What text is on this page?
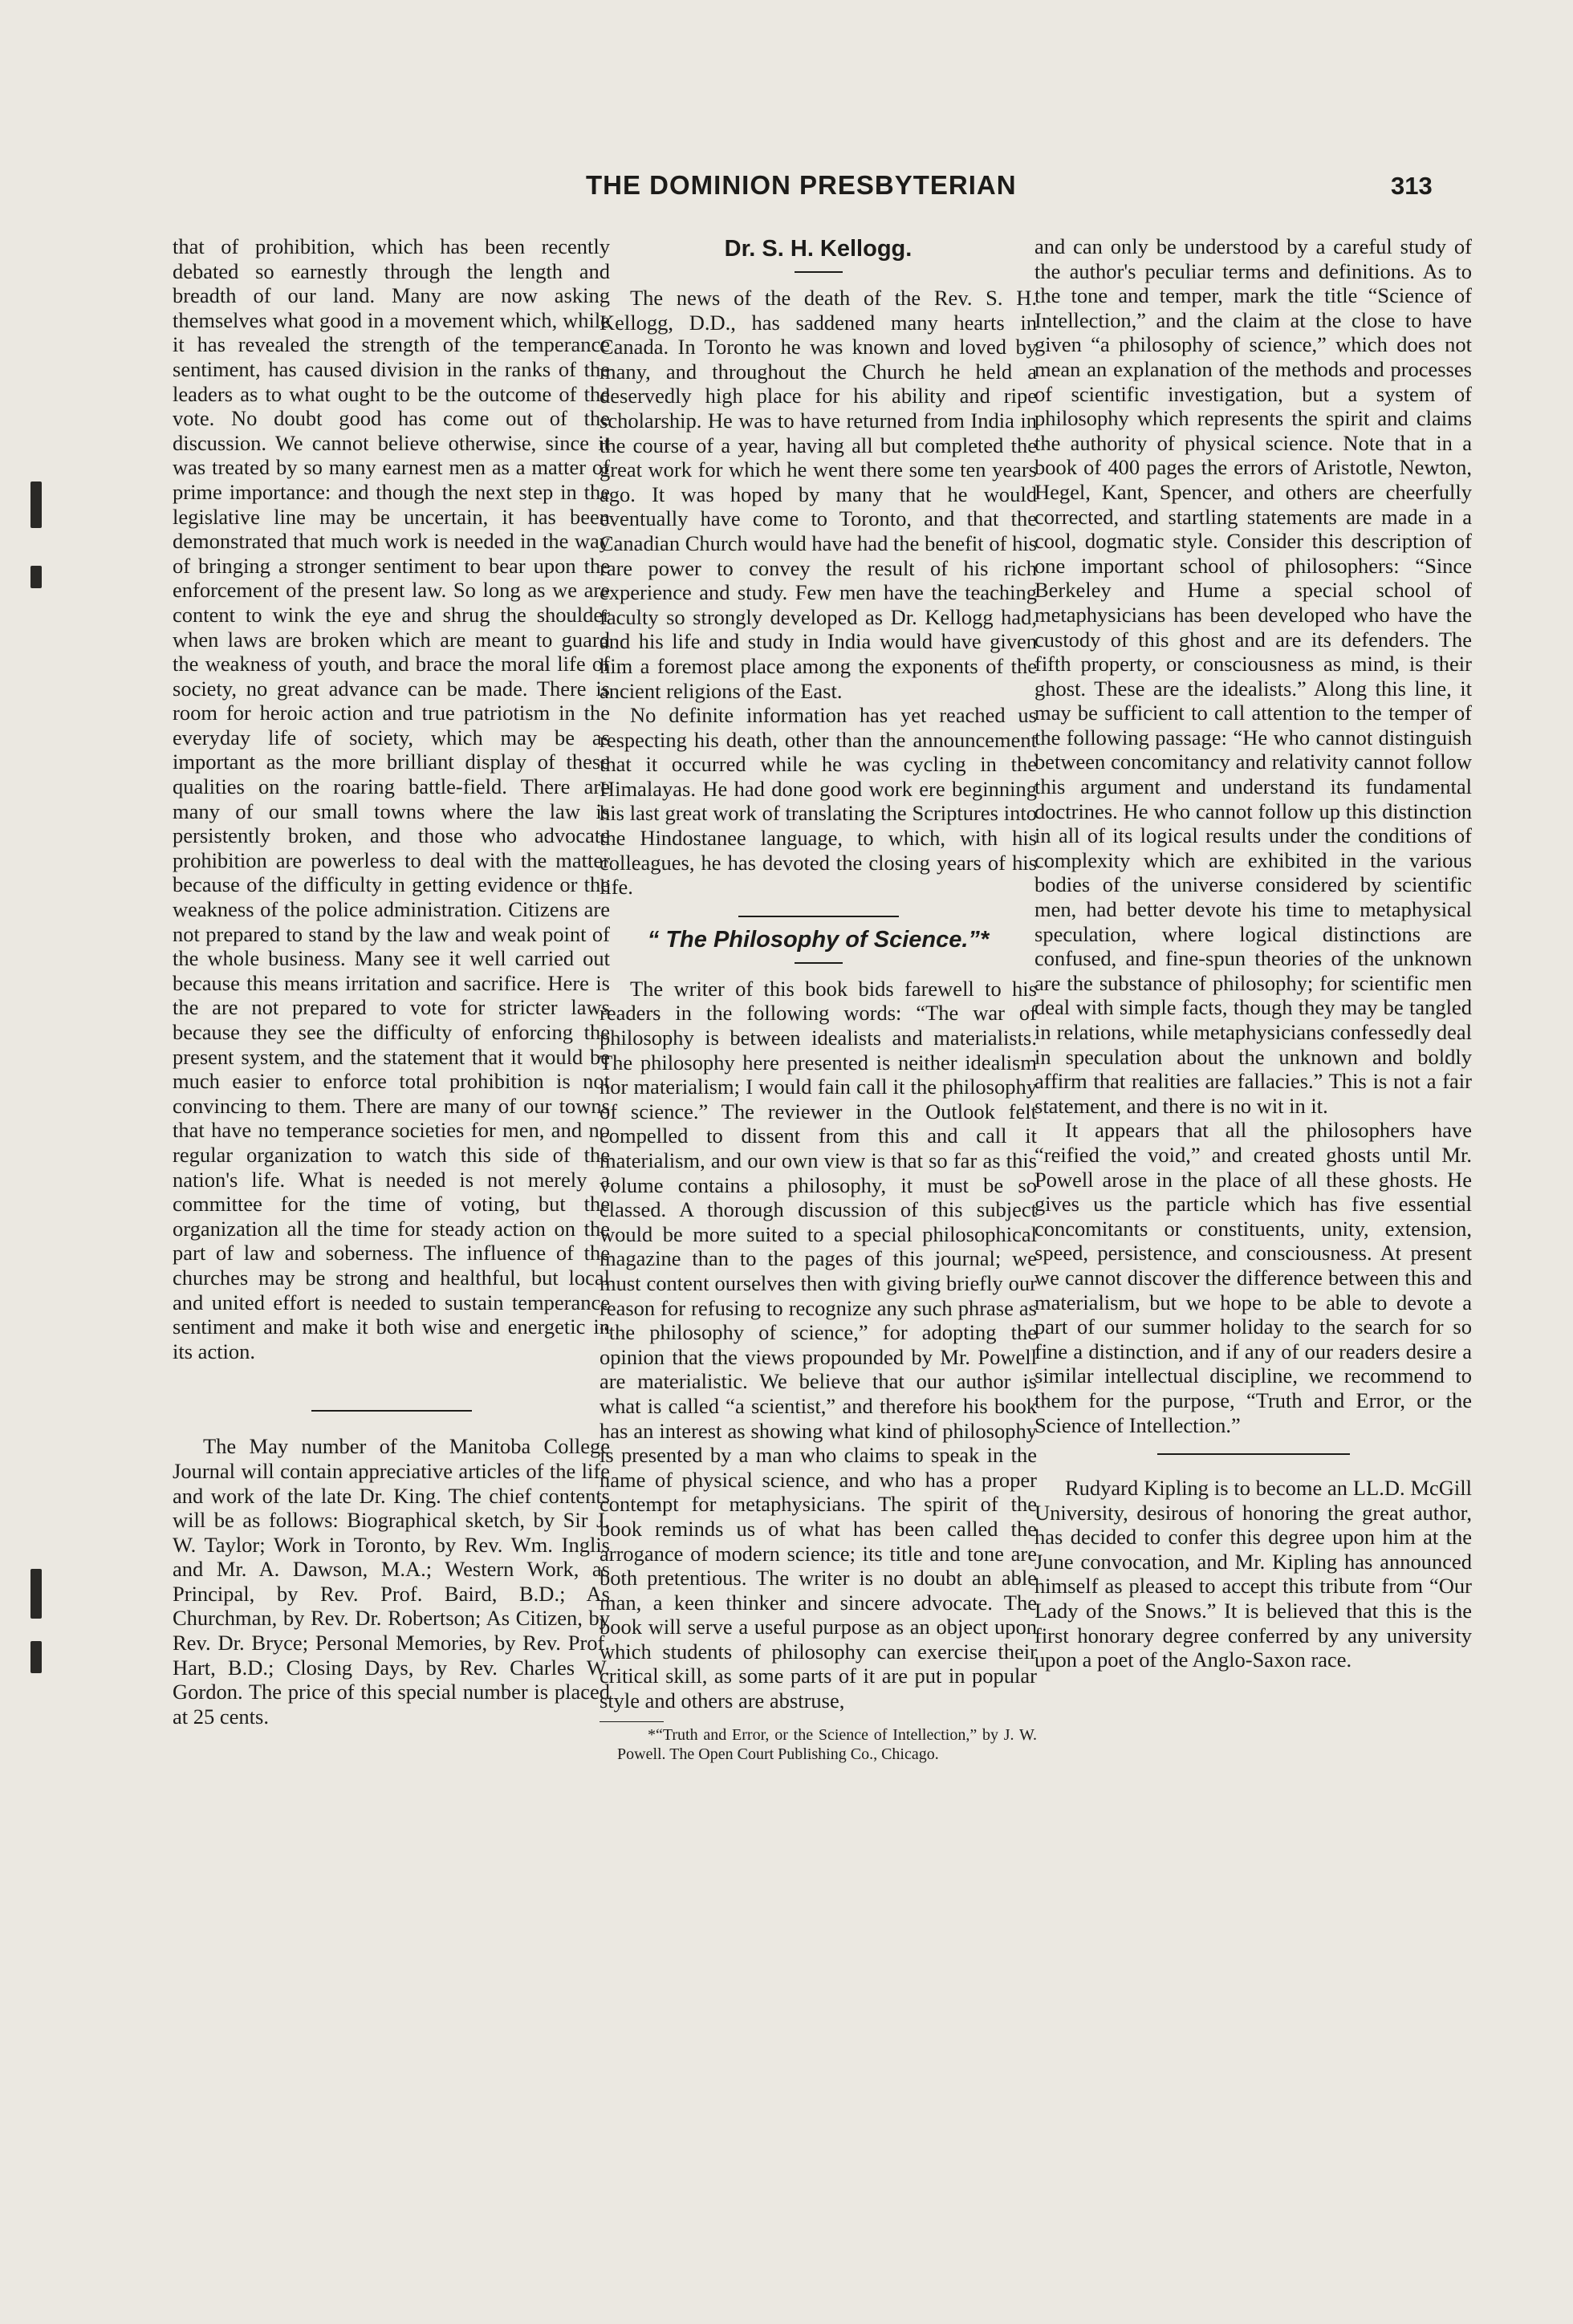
THE DOMINION PRESBYTERIAN	313

that of prohibition, which has been recently debated so earnestly through the length and breadth of our land. Many are now asking themselves what good in a movement which, while it has revealed the strength of the temperance sentiment, has caused division in the ranks of the leaders as to what ought to be the outcome of the vote. No doubt good has come out of the discussion. We cannot believe otherwise, since it was treated by so many earnest men as a matter of prime importance: and though the next step in the legislative line may be uncertain, it has been demonstrated that much work is needed in the way of bringing a stronger sentiment to bear upon the enforcement of the present law. So long as we are content to wink the eye and shrug the shoulder when laws are broken which are meant to guard the weakness of youth, and brace the moral life of society, no great advance can be made. There is room for heroic action and true patriotism in the everyday life of society, which may be as important as the more brilliant display of these qualities on the roaring battle-field. There are many of our small towns where the law is persistently broken, and those who advocate prohibition are powerless to deal with the matter because of the difficulty in getting evidence or the weakness of the police administration. Citizens are not prepared to stand by the law and weak point of the whole business. Many see it well carried out because this means irritation and sacrifice. Here is the are not prepared to vote for stricter laws because they see the difficulty of enforcing the present system, and the statement that it would be much easier to enforce total prohibition is not convincing to them. There are many of our towns that have no temperance societies for men, and no regular organization to watch this side of the nation's life. What is needed is not merely a committee for the time of voting, but the organization all the time for steady action on the part of law and soberness. The influence of the churches may be strong and healthful, but local and united effort is needed to sustain temperance sentiment and make it both wise and energetic in its action.

The May number of the Manitoba College Journal will contain appreciative articles of the life and work of the late Dr. King. The chief contents will be as follows: Biographical sketch, by Sir J. W. Taylor; Work in Toronto, by Rev. Wm. Inglis and Mr. A. Dawson, M.A.; Western Work, as Principal, by Rev. Prof. Baird, B.D.; As Churchman, by Rev. Dr. Robertson; As Citizen, by Rev. Dr. Bryce; Personal Memories, by Rev. Prof. Hart, B.D.; Closing Days, by Rev. Charles W. Gordon. The price of this special number is placed at 25 cents.

Dr. S. H. Kellogg.

The news of the death of the Rev. S. H. Kellogg, D.D., has saddened many hearts in Canada. In Toronto he was known and loved by many, and throughout the Church he held a deservedly high place for his ability and ripe scholarship. He was to have returned from India in the course of a year, having all but completed the great work for which he went there some ten years ago. It was hoped by many that he would eventually have come to Toronto, and that the Canadian Church would have had the benefit of his rare power to convey the result of his rich experience and study. Few men have the teaching faculty so strongly developed as Dr. Kellogg had, and his life and study in India would have given him a foremost place among the exponents of the ancient religions of the East.

No definite information has yet reached us respecting his death, other than the announcement that it occurred while he was cycling in the Himalayas. He had done good work ere beginning his last great work of translating the Scriptures into the Hindostanee language, to which, with his colleagues, he has devoted the closing years of his life.

“ The Philosophy of Science.”*

The writer of this book bids farewell to his readers in the following words: “The war of philosophy is between idealists and materialists. The philosophy here presented is neither idealism nor materialism; I would fain call it the philosophy of science.” The reviewer in the Outlook felt compelled to dissent from this and call it materialism, and our own view is that so far as this volume contains a philosophy, it must be so classed. A thorough discussion of this subject would be more suited to a special philosophical magazine than to the pages of this journal; we must content ourselves then with giving briefly our reason for refusing to recognize any such phrase as “the philosophy of science,” for adopting the opinion that the views propounded by Mr. Powell are materialistic. We believe that our author is what is called “a scientist,” and therefore his book has an interest as showing what kind of philosophy is presented by a man who claims to speak in the name of physical science, and who has a proper contempt for metaphysicians. The spirit of the book reminds us of what has been called the arrogance of modern science; its title and tone are both pretentious. The writer is no doubt an able man, a keen thinker and sincere advocate. The book will serve a useful purpose as an object upon which students of philosophy can exercise their critical skill, as some parts of it are put in popular style and others are abstruse,

*“Truth and Error, or the Science of Intellection,” by J. W. Powell. The Open Court Publishing Co., Chicago.

and can only be understood by a careful study of the author's peculiar terms and definitions. As to the tone and temper, mark the title “Science of Intellection,” and the claim at the close to have given “a philosophy of science,” which does not mean an explanation of the methods and processes of scientific investigation, but a system of philosophy which represents the spirit and claims the authority of physical science. Note that in a book of 400 pages the errors of Aristotle, Newton, Hegel, Kant, Spencer, and others are cheerfully corrected, and startling statements are made in a cool, dogmatic style. Consider this description of one important school of philosophers: “Since Berkeley and Hume a special school of metaphysicians has been developed who have the custody of this ghost and are its defenders. The fifth property, or consciousness as mind, is their ghost. These are the idealists.” Along this line, it may be sufficient to call attention to the temper of the following passage: “He who cannot distinguish between concomitancy and relativity cannot follow this argument and understand its fundamental doctrines. He who cannot follow up this distinction in all of its logical results under the conditions of complexity which are exhibited in the various bodies of the universe considered by scientific men, had better devote his time to metaphysical speculation, where logical distinctions are confused, and fine-spun theories of the unknown are the substance of philosophy; for scientific men deal with simple facts, though they may be tangled in relations, while metaphysicians confessedly deal in speculation about the unknown and boldly affirm that realities are fallacies.” This is not a fair statement, and there is no wit in it.

It appears that all the philosophers have “reified the void,” and created ghosts until Mr. Powell arose in the place of all these ghosts. He gives us the particle which has five essential concomitants or constituents, unity, extension, speed, persistence, and consciousness. At present we cannot discover the difference between this and materialism, but we hope to be able to devote a part of our summer holiday to the search for so fine a distinction, and if any of our readers desire a similar intellectual discipline, we recommend to them for the purpose, “Truth and Error, or the Science of Intellection.”

Rudyard Kipling is to become an LL.D. McGill University, desirous of honoring the great author, has decided to confer this degree upon him at the June convocation, and Mr. Kipling has announced himself as pleased to accept this tribute from “Our Lady of the Snows.” It is believed that this is the first honorary degree conferred by any university upon a poet of the Anglo-Saxon race.
